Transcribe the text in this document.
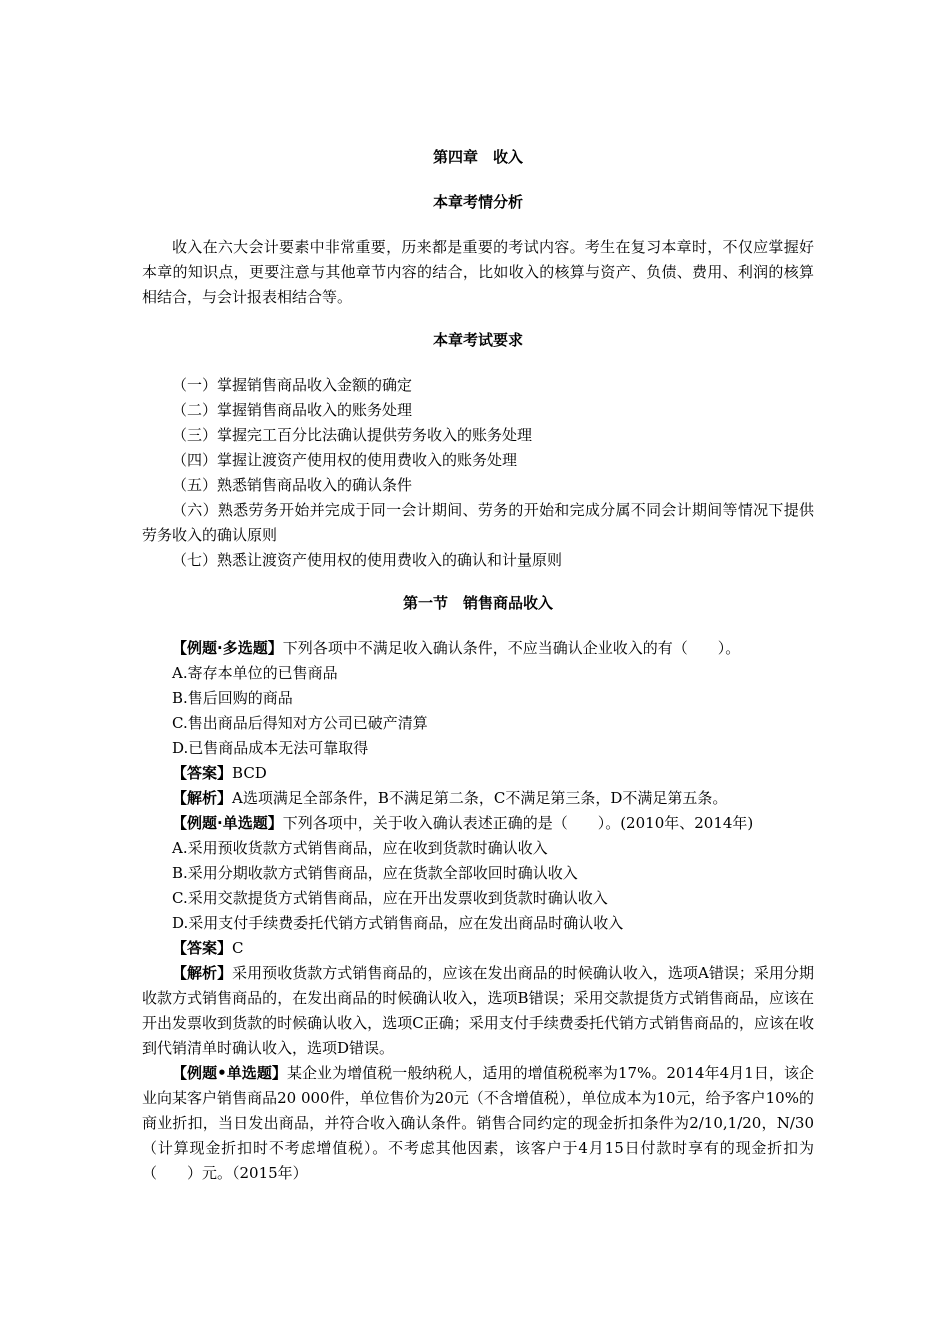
第四章　收入
本章考情分析

收入在六大会计要素中非常重要，历来都是重要的考试内容。考生在复习本章时，不仅应掌握好本章的知识点，更要注意与其他章节内容的结合，比如收入的核算与资产、负债、费用、利润的核算相结合，与会计报表相结合等。

本章考试要求

（一）掌握销售商品收入金额的确定

（二）掌握销售商品收入的账务处理

（三）掌握完工百分比法确认提供劳务收入的账务处理

（四）掌握让渡资产使用权的使用费收入的账务处理

（五）熟悉销售商品收入的确认条件

（六）熟悉劳务开始并完成于同一会计期间、劳务的开始和完成分属不同会计期间等情况下提供劳务收入的确认原则

（七）熟悉让渡资产使用权的使用费收入的确认和计量原则

第一节　销售商品收入

【例题·多选题】下列各项中不满足收入确认条件，不应当确认企业收入的有（　　）。

A.寄存本单位的已售商品

B.售后回购的商品

C.售出商品后得知对方公司已破产清算

D.已售商品成本无法可靠取得

【答案】BCD

【解析】A选项满足全部条件，B不满足第二条，C不满足第三条，D不满足第五条。

【例题·单选题】下列各项中，关于收入确认表述正确的是（　　）。(2010年、2014年)

A.采用预收货款方式销售商品，应在收到货款时确认收入

B.采用分期收款方式销售商品，应在货款全部收回时确认收入

C.采用交款提货方式销售商品，应在开出发票收到货款时确认收入

D.采用支付手续费委托代销方式销售商品，应在发出商品时确认收入

【答案】C

【解析】采用预收货款方式销售商品的，应该在发出商品的时候确认收入，选项A错误；采用分期收款方式销售商品的，在发出商品的时候确认收入，选项B错误；采用交款提货方式销售商品，应该在开出发票收到货款的时候确认收入，选项C正确；采用支付手续费委托代销方式销售商品的，应该在收到代销清单时确认收入，选项D错误。

【例题•单选题】某企业为增值税一般纳税人，适用的增值税税率为17%。2014年4月1日，该企业向某客户销售商品20 000件，单位售价为20元（不含增值税），单位成本为10元，给予客户10%的商业折扣，当日发出商品，并符合收入确认条件。销售合同约定的现金折扣条件为2/10,1/20，N/30（计算现金折扣时不考虑增值税）。不考虑其他因素，该客户于4月15日付款时享有的现金折扣为（　　）元。（2015年）
